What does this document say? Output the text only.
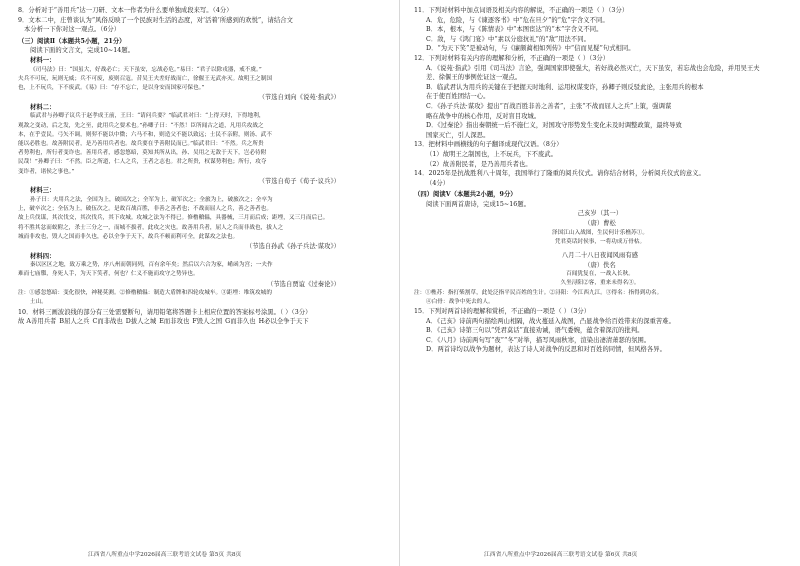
8．分析对于“善用兵”达一刀研、文本一作者为什么要单独成段来写。（4分）
9．文本二中，庄曾谈认为“风俗反映了一个民族对生活的态度，对‘活着’所感到的欢悦”，请结合文
本分析一下你对这一观点。（6分）
（三）阅读Ⅱ（本题共5小题，21分）
阅读下面的文言文，完成10~14题。
材料一：
《司马法》曰：“国虽大，好战必亡；天下虽安，忘战必危。”易曰：“君子以除戎器，戒不虞。”
夫兵不可玩，玩则无威；兵不可废，废则召寇。昔吴王夫差好战而亡，徐偃王无武亦灭。故明王之制国
也，上不玩兵，下不废武。《易》曰：“存不忘亡，是以身安而国家可保也。”
（节选自刘向《说苑·指武》）
材料二：
临武君与孙卿子议兵于赵孝成王前，王曰：“请问兵要？”临武君对曰：“上得天时，下得地利，
观敌之变动，后之发，先之至，此用兵之要术也。”孙卿子曰：“不然！臣所闻古之道，凡用兵攻战之
本，在乎壹民。弓矢不调，则羿不能以中微；六马不和，则造父不能以致远；士民不亲附，则汤、武不
能以必胜也。故善附民者，是乃善用兵者也。故兵要在乎善附民而已。”临武君曰：“不然。兵之所贵
者势利也，所行者变诈也。善用兵者，感忽悠暗，莫知其所从出，孙、吴用之无敌于天下，岂必待附
民哉！”孙卿子曰：“不然。臣之所道，仁人之兵，王者之志也。君之所贵，权谋势利也；所行，攻夺
变诈者，诸侯之事也。”
（节选自荀子《荀子·议兵》）
材料三：
孙子曰：夫用兵之法，全国为上，破国次之；全军为上，破军次之；全旅为上，破旅次之；全卒为
上，破卒次之；全伍为上，破伍次之。是故百战百胜，非善之善者也；不战而屈人之兵，善之善者也。
故上兵伐谋，其次伐交，其次伐兵，其下攻城。攻城之法为不得已。修橹轒辒，具器械，三月而后成；距堙，又三月而后已。
将不胜其忿而蚁附之，杀士三分之一，而城不拔者，此攻之灾也。故善用兵者，屈人之兵而非战也，拔人之
城而非攻也，毁人之国而非久也，必以全争于天下，故兵不顿而利可全，此谋攻之法也。
（节选自孙武《孙子兵法·谋攻》）
材料四：
秦以区区之地，致万乘之势，序八州而朝同列，百有余年矣；然后以六合为家，崤函为宫；一夫作
难而七庙隳，身死人手，为天下笑者，何也？仁义不施而攻守之势异也。
（节选自贾谊《过秦论》）
注：①感忽悠暗：变化很快，神秘莫测。②修橹轒辒：制造大盾牌和四轮攻城车。③距堙：堆筑攻城的
土山。
10．材料三画波浪线的部分有三处需要断句，请用铅笔将答题卡上相应位置的答案标号涂黑。（ ）（3分）
故 A善用兵者 B屈人之兵 C而非战也 D拔人之城 E而非攻也 F毁人之国 G而非久也 H必以全争于天下
江西省八所重点中学2026届高三联考语文试卷 第5页 共8页
11．下列对材料中加点词语及相关内容的解说，不正确的一项是（ ）（3分）
A．危，危险，与《谏逐客书》中“危在旦夕”的“危”字含义不同。
B．本，根本，与《陈情表》中“本图宦达”的“本”字含义不同。
C．敌，与《鸿门宴》中“素以分庭抗礼”的“敌”用法不同。
D．“为天下笑”是被动句，与《廉颇蔺相如列传》中“信而见疑”句式相同。
12．下列对材料有关内容的理解和分析，不正确的一项是（ ）（3分）
A．《说苑·指武》引用《司马法》言论，强调国家即使强大，若好战必然灭亡，天下虽安，若忘战也会危险，并用吴王夫
差、徐偃王的事例佐证这一观点。
B．临武君认为用兵的关键在于把握天时地利、运用权谋变诈，孙卿子则反驳此论，主张用兵的根本
在于使百姓团结一心。
C．《孙子兵法·谋攻》提出“百战百胜非善之善者”，主张“不战而屈人之兵”上策，强调谋
略在战争中的核心作用，反对盲目攻城。
D．《过秦论》指出秦朝统一后不施仁义，对国攻守形势发生变化未及时调整政策，最终导致
国家灭亡，引人深思。
13．把材料中画横线的句子翻译成现代汉语。（8分）
（1）故明王之制国也，上不玩兵，下不废武。
（2）故善附民者，是乃善用兵者也。
14．2025年是抗战胜利八十周年，我国举行了隆重的阅兵仪式。请你结合材料，分析阅兵仪式的意义。
（4分）
（四）阅读Ⅴ（本题共2小题，9分）
阅读下面两首唐诗，完成15~16题。
己亥岁（其一）
（唐）曹松
泽国江山入战图，生民何计乐樵苏①。
凭君莫话封侯事，一将功成万骨枯。
八月二十八日夜闻风雨有感
（唐）佚名
百闻犹复在，一战入长秋。
久坐浔阳②客，重来未得名③。
注：①樵苏：指打柴割草，此处泛指平民百姓的生计。②浔阳：今江西九江。③得名：指得到功名。
④白骨：战争中死去的人。
15．下列对两首诗的理解和赏析，不正确的一项是（ ）（3分）
A．《己亥》诗前两句描绘两山相隔，战火蔓延入战图，凸显战争给百姓带来的深重苦难。
B．《己亥》诗第三句以“凭君莫话”直接劝诫，语气委婉，蕴含着深沉的批判。
C．《八月》诗前两句写“夜”“冬”对举，描写风雨秋寒，渲染出凄清萧瑟的氛围。
D．两首诗均以战争为题材，表达了诗人对战争的反思和对百姓的同情，但风格各异。
江西省八所重点中学2026届高三联考语文试卷 第6页 共8页
